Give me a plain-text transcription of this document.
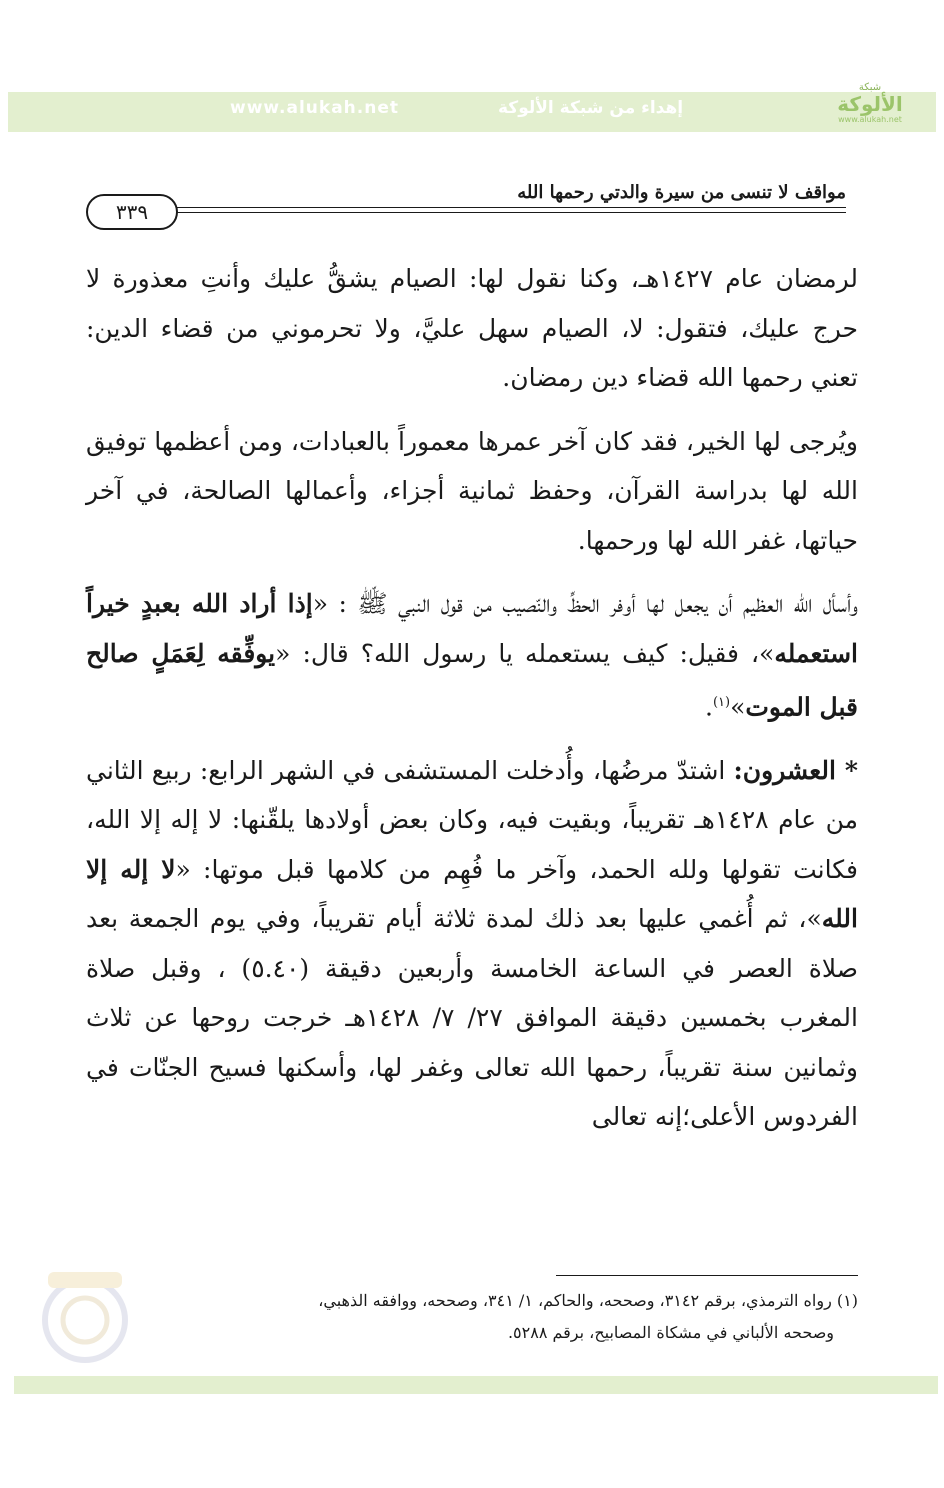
www.alukah.net	إهداء من شبكة الألوكة
شبكة
الألوكة
www.alukah.net
مواقف لا تنسى من سيرة والدتي رحمها الله
٣٣٩

لرمضان عام ١٤٢٧هـ، وكنا نقول لها: الصيام يشقُّ عليك وأنتِ معذورة لا حرج عليك، فتقول: لا، الصيام سهل عليَّ، ولا تحرموني من قضاء الدين: تعني رحمها الله قضاء دين رمضان.

ويُرجى لها الخير، فقد كان آخر عمرها معموراً بالعبادات، ومن أعظمها توفيق الله لها بدراسة القرآن، وحفظ ثمانية أجزاء، وأعمالها الصالحة، في آخر حياتها، غفر الله لها ورحمها.

وأسأل الله العظيم أن يجعل لها أوفر الحظِّ والنّصيب من قول النبي ﷺ : «إذا أراد الله بعبدٍ خيراً استعمله»، فقيل: كيف يستعمله يا رسول الله؟ قال: «يوفِّقه لِعَمَلٍ صالح قبل الموت»$^{(١)}$.

* العشرون: اشتدّ مرضُها، وأُدخلت المستشفى في الشهر الرابع: ربيع الثاني من عام ١٤٢٨هـ تقريباً، وبقيت فيه، وكان بعض أولادها يلقّنها: لا إله إلا الله، فكانت تقولها ولله الحمد، وآخر ما فُهِم من كلامها قبل موتها: «لا إله إلا الله»، ثم أُغمي عليها بعد ذلك لمدة ثلاثة أيام تقريباً، وفي يوم الجمعة بعد صلاة العصر في الساعة الخامسة وأربعين دقيقة (٥.٤٠) ، وقبل صلاة المغرب بخمسين دقيقة الموافق ٢٧/ ٧/ ١٤٢٨هـ خرجت روحها عن ثلاث وثمانين سنة تقريباً، رحمها الله تعالى وغفر لها، وأسكنها فسيح الجنّات في الفردوس الأعلى؛إنه تعالى

(١) رواه الترمذي، برقم ٣١٤٢، وصححه، والحاكم، ١/ ٣٤١، وصححه، ووافقه الذهبي،
وصححه الألباني في مشكاة المصابيح، برقم ٥٢٨٨.
